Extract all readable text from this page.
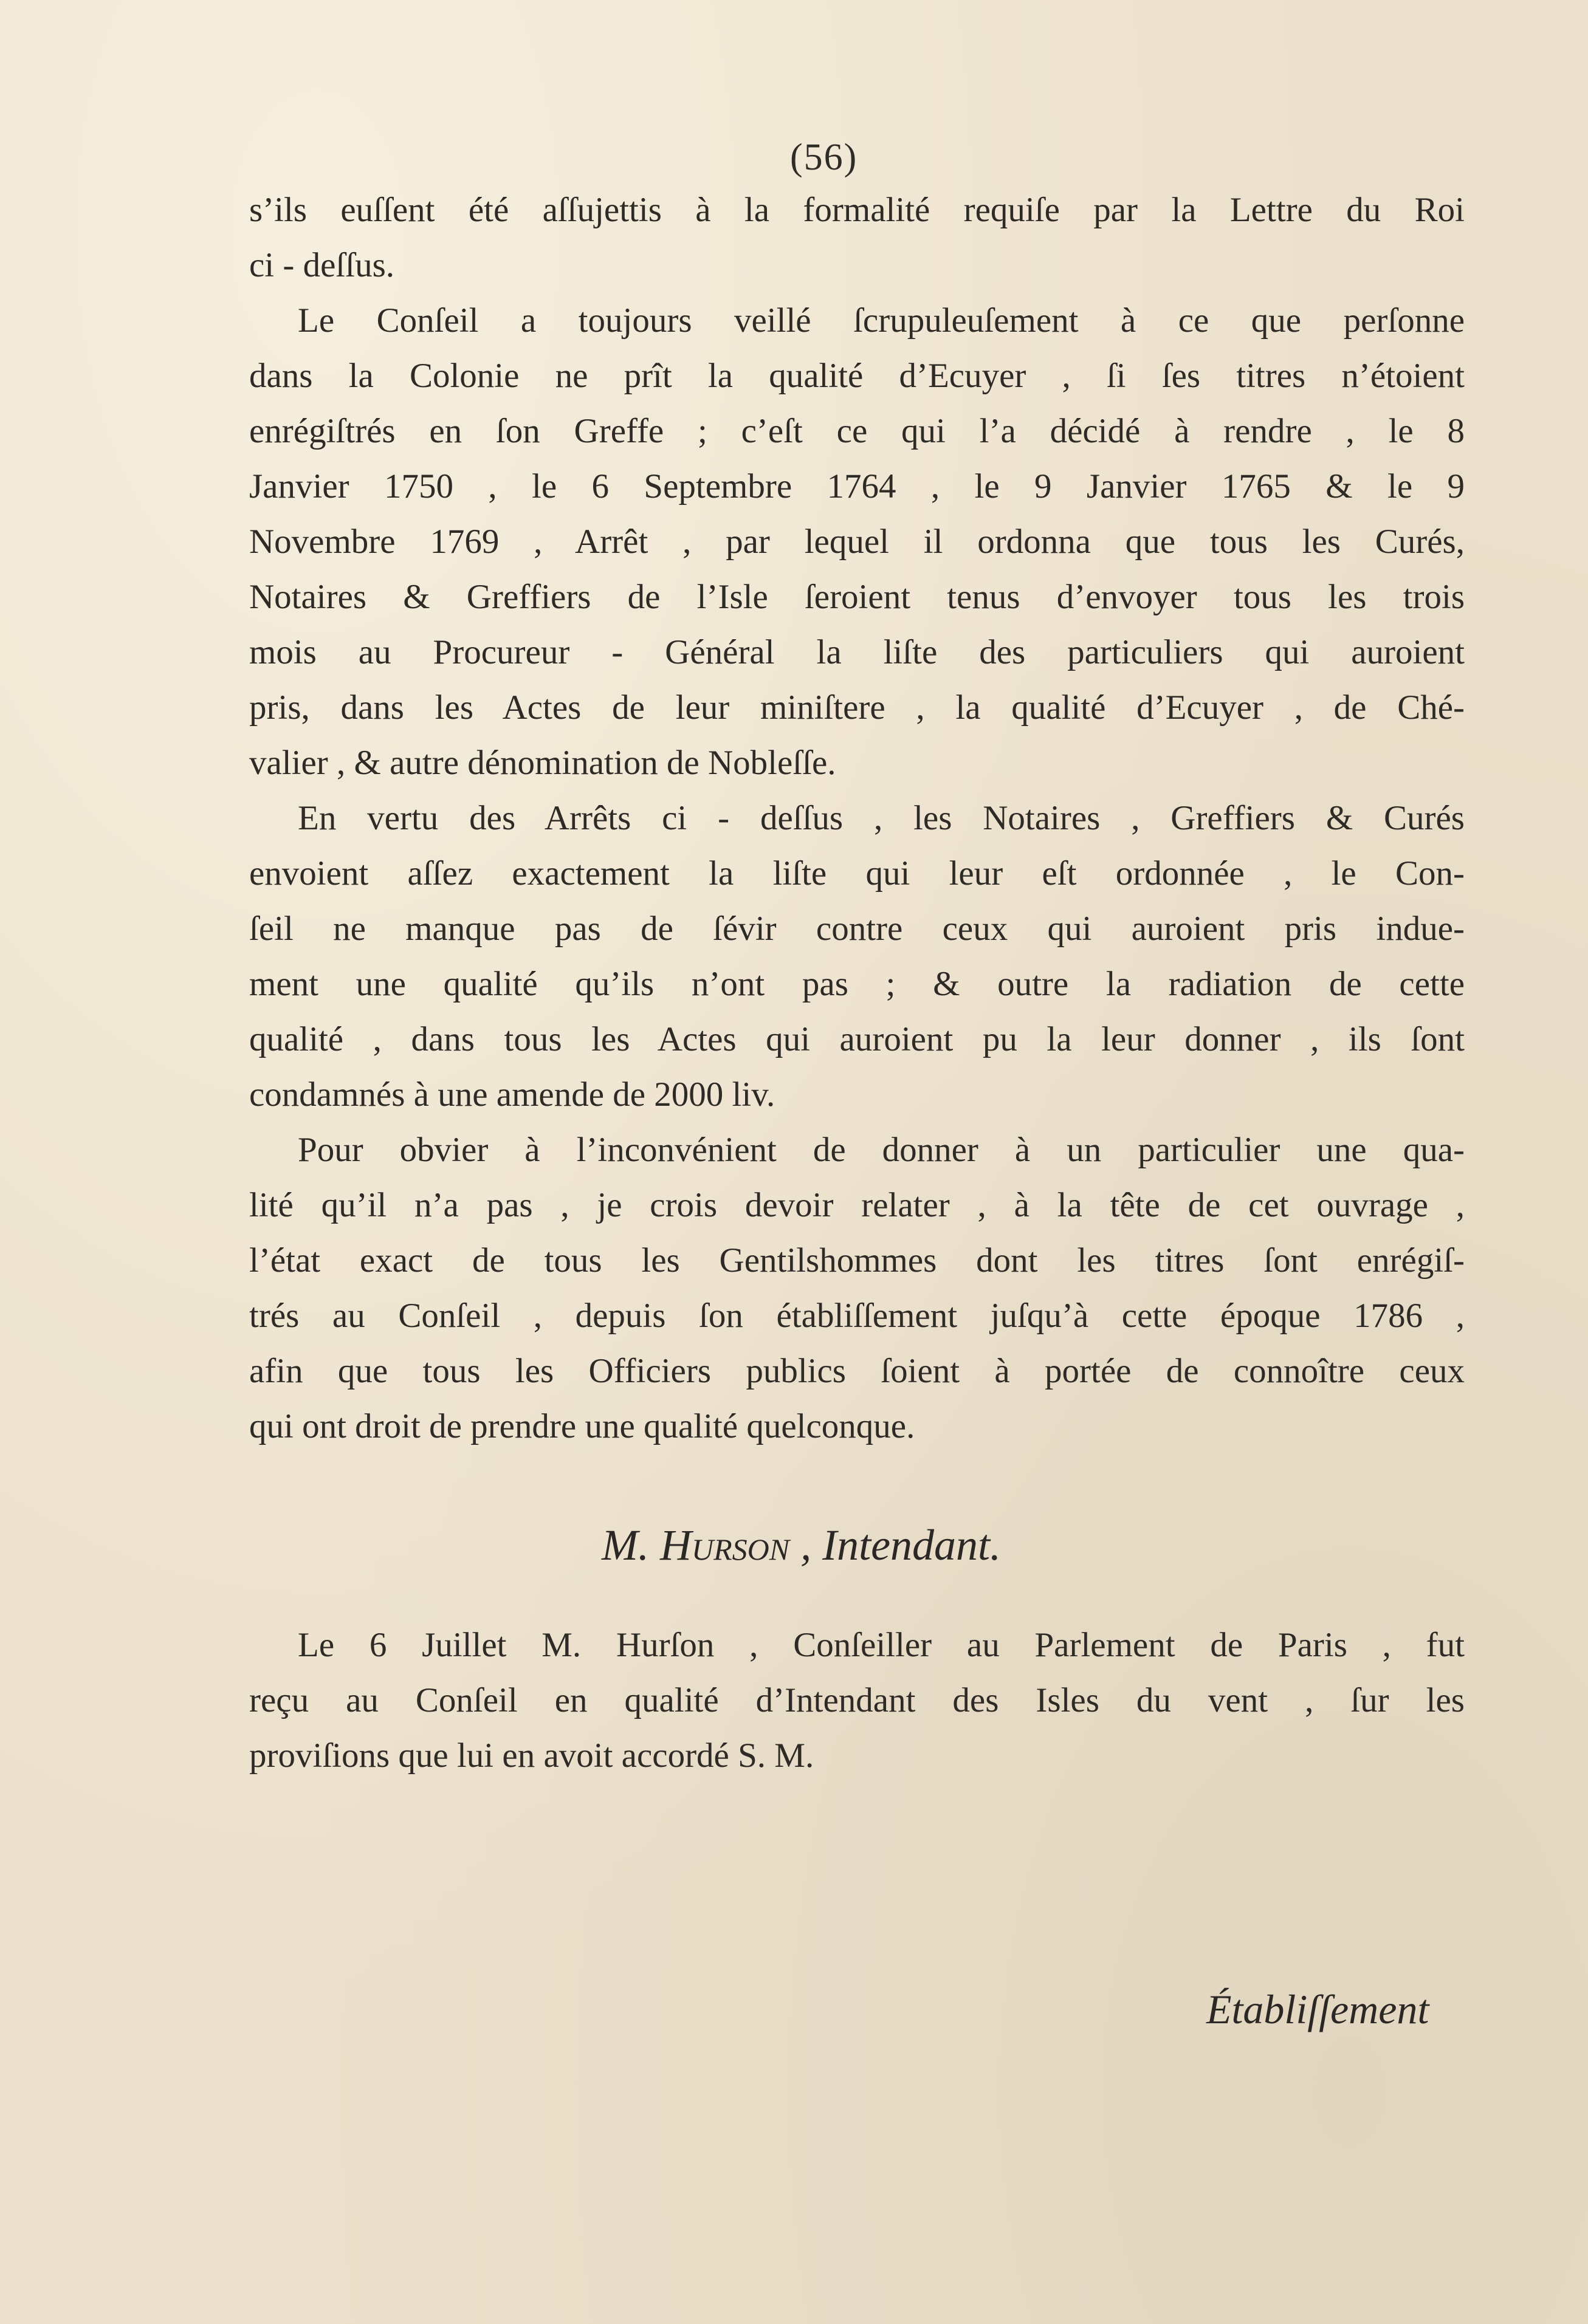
(56)
s’ils euſſent été aſſujettis à la formalité requiſe par la Lettre du Roi
ci - deſſus.
Le Conſeil a toujours veillé ſcrupuleuſement à ce que perſonne
dans la Colonie ne prît la qualité d’Ecuyer , ſi ſes titres n’étoient
enrégiſtrés en ſon Greffe ; c’eſt ce qui l’a décidé à rendre , le 8
Janvier 1750 , le 6 Septembre 1764 , le 9 Janvier 1765 & le 9
Novembre 1769 , Arrêt , par lequel il ordonna que tous les Curés,
Notaires & Greffiers de l’Isle ſeroient tenus d’envoyer tous les trois
mois au Procureur - Général la liſte des particuliers qui auroient
pris, dans les Actes de leur miniſtere , la qualité d’Ecuyer , de Ché-
valier , & autre dénomination de Nobleſſe.
En vertu des Arrêts ci - deſſus , les Notaires , Greffiers & Curés
envoient aſſez exactement la liſte qui leur eſt ordonnée , le Con-
ſeil ne manque pas de ſévir contre ceux qui auroient pris indue-
ment une qualité qu’ils n’ont pas ; & outre la radiation de cette
qualité , dans tous les Actes qui auroient pu la leur donner , ils ſont
condamnés à une amende de 2000 liv.
Pour obvier à l’inconvénient de donner à un particulier une qua-
lité qu’il n’a pas , je crois devoir relater , à la tête de cet ouvrage ,
l’état exact de tous les Gentilshommes dont les titres ſont enrégiſ-
trés au Conſeil , depuis ſon établiſſement juſqu’à cette époque 1786 ,
afin que tous les Officiers publics ſoient à portée de connoître ceux
qui ont droit de prendre une qualité quelconque.
M. Hurson , Intendant.
Le 6 Juillet M. Hurſon , Conſeiller au Parlement de Paris , fut
reçu au Conſeil en qualité d’Intendant des Isles du vent , ſur les
proviſions que lui en avoit accordé S. M.
Établiſſement
